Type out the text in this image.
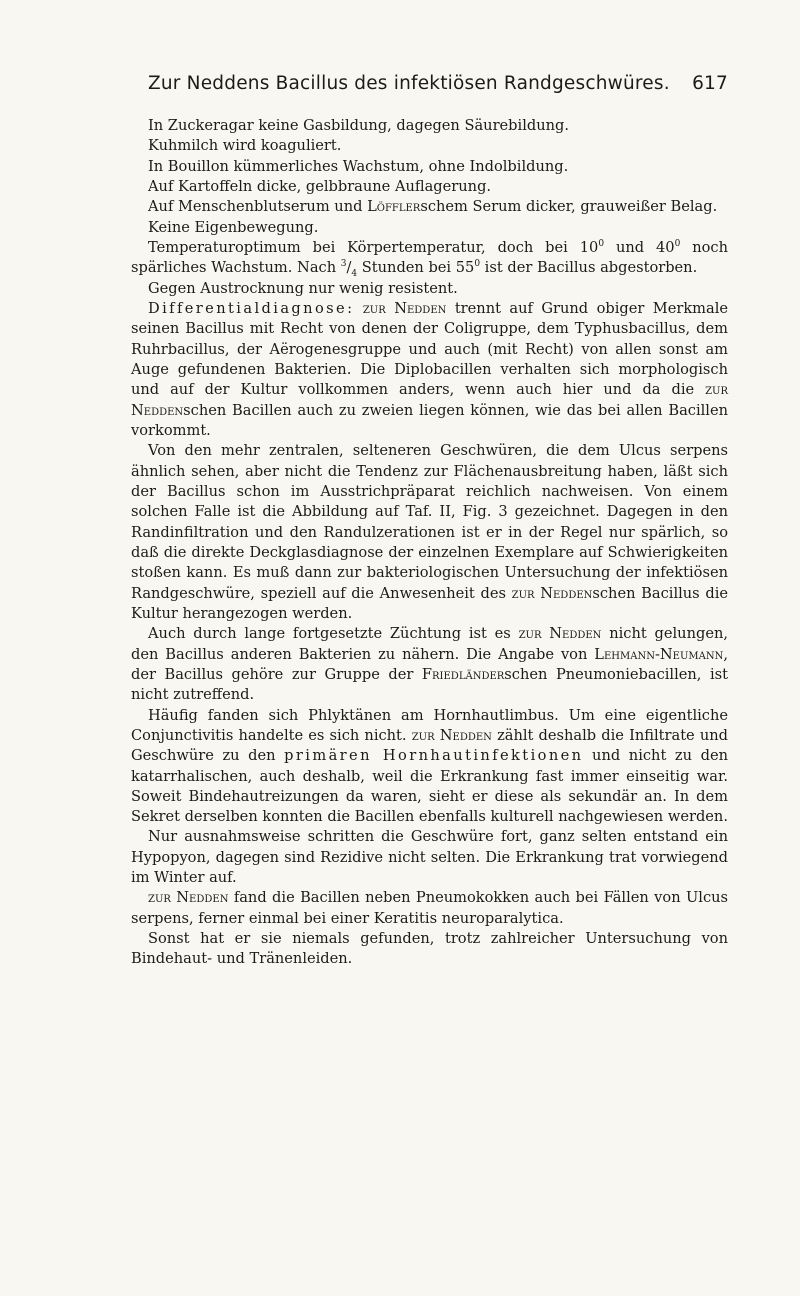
Zur Neddens Bacillus des infektiösen Randgeschwüres. 617

In Zuckeragar keine Gasbildung, dagegen Säurebildung.

Kuhmilch wird koaguliert.

In Bouillon kümmerliches Wachstum, ohne Indolbildung.

Auf Kartoffeln dicke, gelbbraune Auflagerung.

Auf Menschenblutserum und Löfflerschem Serum dicker, grauweißer Belag.

Keine Eigenbewegung.

Temperaturoptimum bei Körpertemperatur, doch bei $10^0$ und $40^0$ noch spärliches Wachstum. Nach $^3/_4$ Stunden bei $55^0$ ist der Bacillus abgestorben.

Gegen Austrocknung nur wenig resistent.

Differentialdiagnose: zur Nedden trennt auf Grund obiger Merkmale seinen Bacillus mit Recht von denen der Coligruppe, dem Typhusbacillus, dem Ruhrbacillus, der Aërogenesgruppe und auch (mit Recht) von allen sonst am Auge gefundenen Bakterien. Die Diplobacillen verhalten sich morphologisch und auf der Kultur vollkommen anders, wenn auch hier und da die zur Neddenschen Bacillen auch zu zweien liegen können, wie das bei allen Bacillen vorkommt.

Von den mehr zentralen, selteneren Geschwüren, die dem Ulcus serpens ähnlich sehen, aber nicht die Tendenz zur Flächenausbreitung haben, läßt sich der Bacillus schon im Ausstrichpräparat reichlich nachweisen. Von einem solchen Falle ist die Abbildung auf Taf. II, Fig. 3 gezeichnet. Dagegen in den Randinfiltration und den Randulzerationen ist er in der Regel nur spärlich, so daß die direkte Deckglasdiagnose der einzelnen Exemplare auf Schwierigkeiten stoßen kann. Es muß dann zur bakteriologischen Untersuchung der infektiösen Randgeschwüre, speziell auf die Anwesenheit des zur Neddenschen Bacillus die Kultur herangezogen werden.

Auch durch lange fortgesetzte Züchtung ist es zur Nedden nicht gelungen, den Bacillus anderen Bakterien zu nähern. Die Angabe von Lehmann-Neumann, der Bacillus gehöre zur Gruppe der Friedländerschen Pneumoniebacillen, ist nicht zutreffend.

Häufig fanden sich Phlyktänen am Hornhautlimbus. Um eine eigentliche Conjunctivitis handelte es sich nicht. zur Nedden zählt deshalb die Infiltrate und Geschwüre zu den primären Hornhautinfektionen und nicht zu den katarrhalischen, auch deshalb, weil die Erkrankung fast immer einseitig war. Soweit Bindehautreizungen da waren, sieht er diese als sekundär an. In dem Sekret derselben konnten die Bacillen ebenfalls kulturell nachgewiesen werden.

Nur ausnahmsweise schritten die Geschwüre fort, ganz selten entstand ein Hypopyon, dagegen sind Rezidive nicht selten. Die Erkrankung trat vorwiegend im Winter auf.

zur Nedden fand die Bacillen neben Pneumokokken auch bei Fällen von Ulcus serpens, ferner einmal bei einer Keratitis neuroparalytica.

Sonst hat er sie niemals gefunden, trotz zahlreicher Untersuchung von Bindehaut- und Tränenleiden.
